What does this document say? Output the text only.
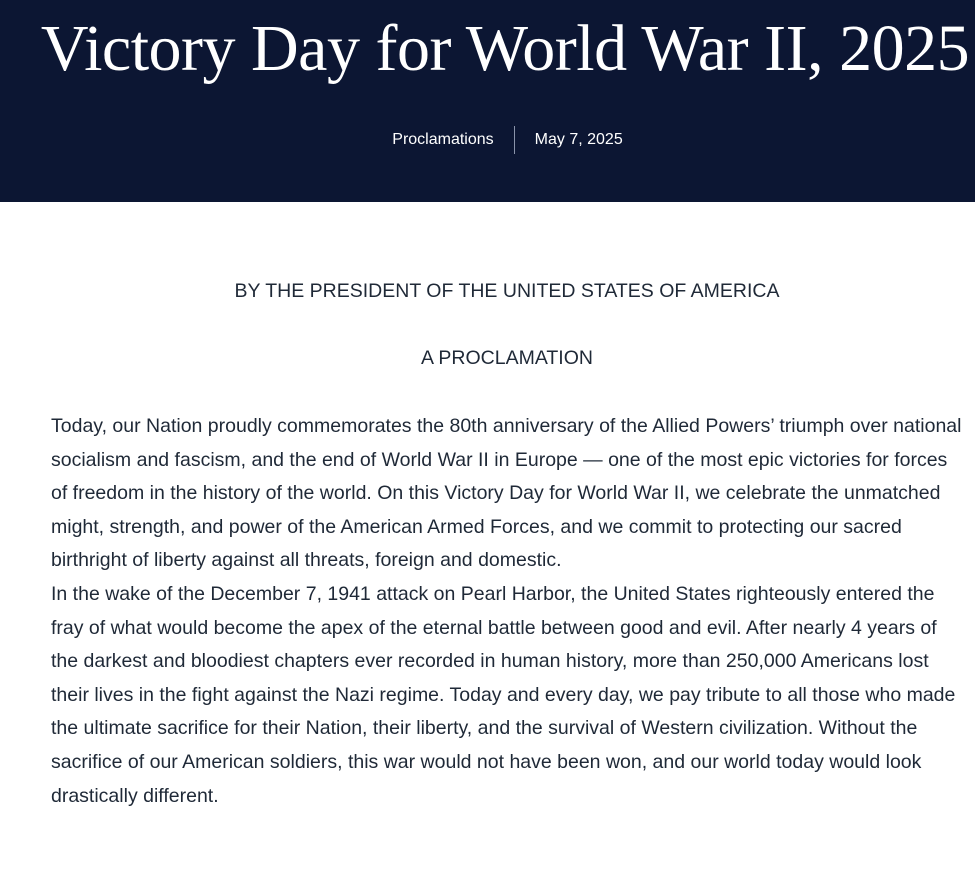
Victory Day for World War II, 2025
Proclamations	May 7, 2025
BY THE PRESIDENT OF THE UNITED STATES OF AMERICA
A PROCLAMATION

Today, our Nation proudly commemorates the 80th anniversary of the Allied Powers’ triumph over national socialism and fascism, and the end of World War II in Europe — one of the most epic victories for forces of freedom in the history of the world. On this Victory Day for World War II, we celebrate the unmatched might, strength, and power of the American Armed Forces, and we commit to protecting our sacred birthright of liberty against all threats, foreign and domestic.

In the wake of the December 7, 1941 attack on Pearl Harbor, the United States righteously entered the fray of what would become the apex of the eternal battle between good and evil. After nearly 4 years of the darkest and bloodiest chapters ever recorded in human history, more than 250,000 Americans lost their lives in the fight against the Nazi regime. Today and every day, we pay tribute to all those who made the ultimate sacrifice for their Nation, their liberty, and the survival of Western civilization. Without the sacrifice of our American soldiers, this war would not have been won, and our world today would look drastically different.
